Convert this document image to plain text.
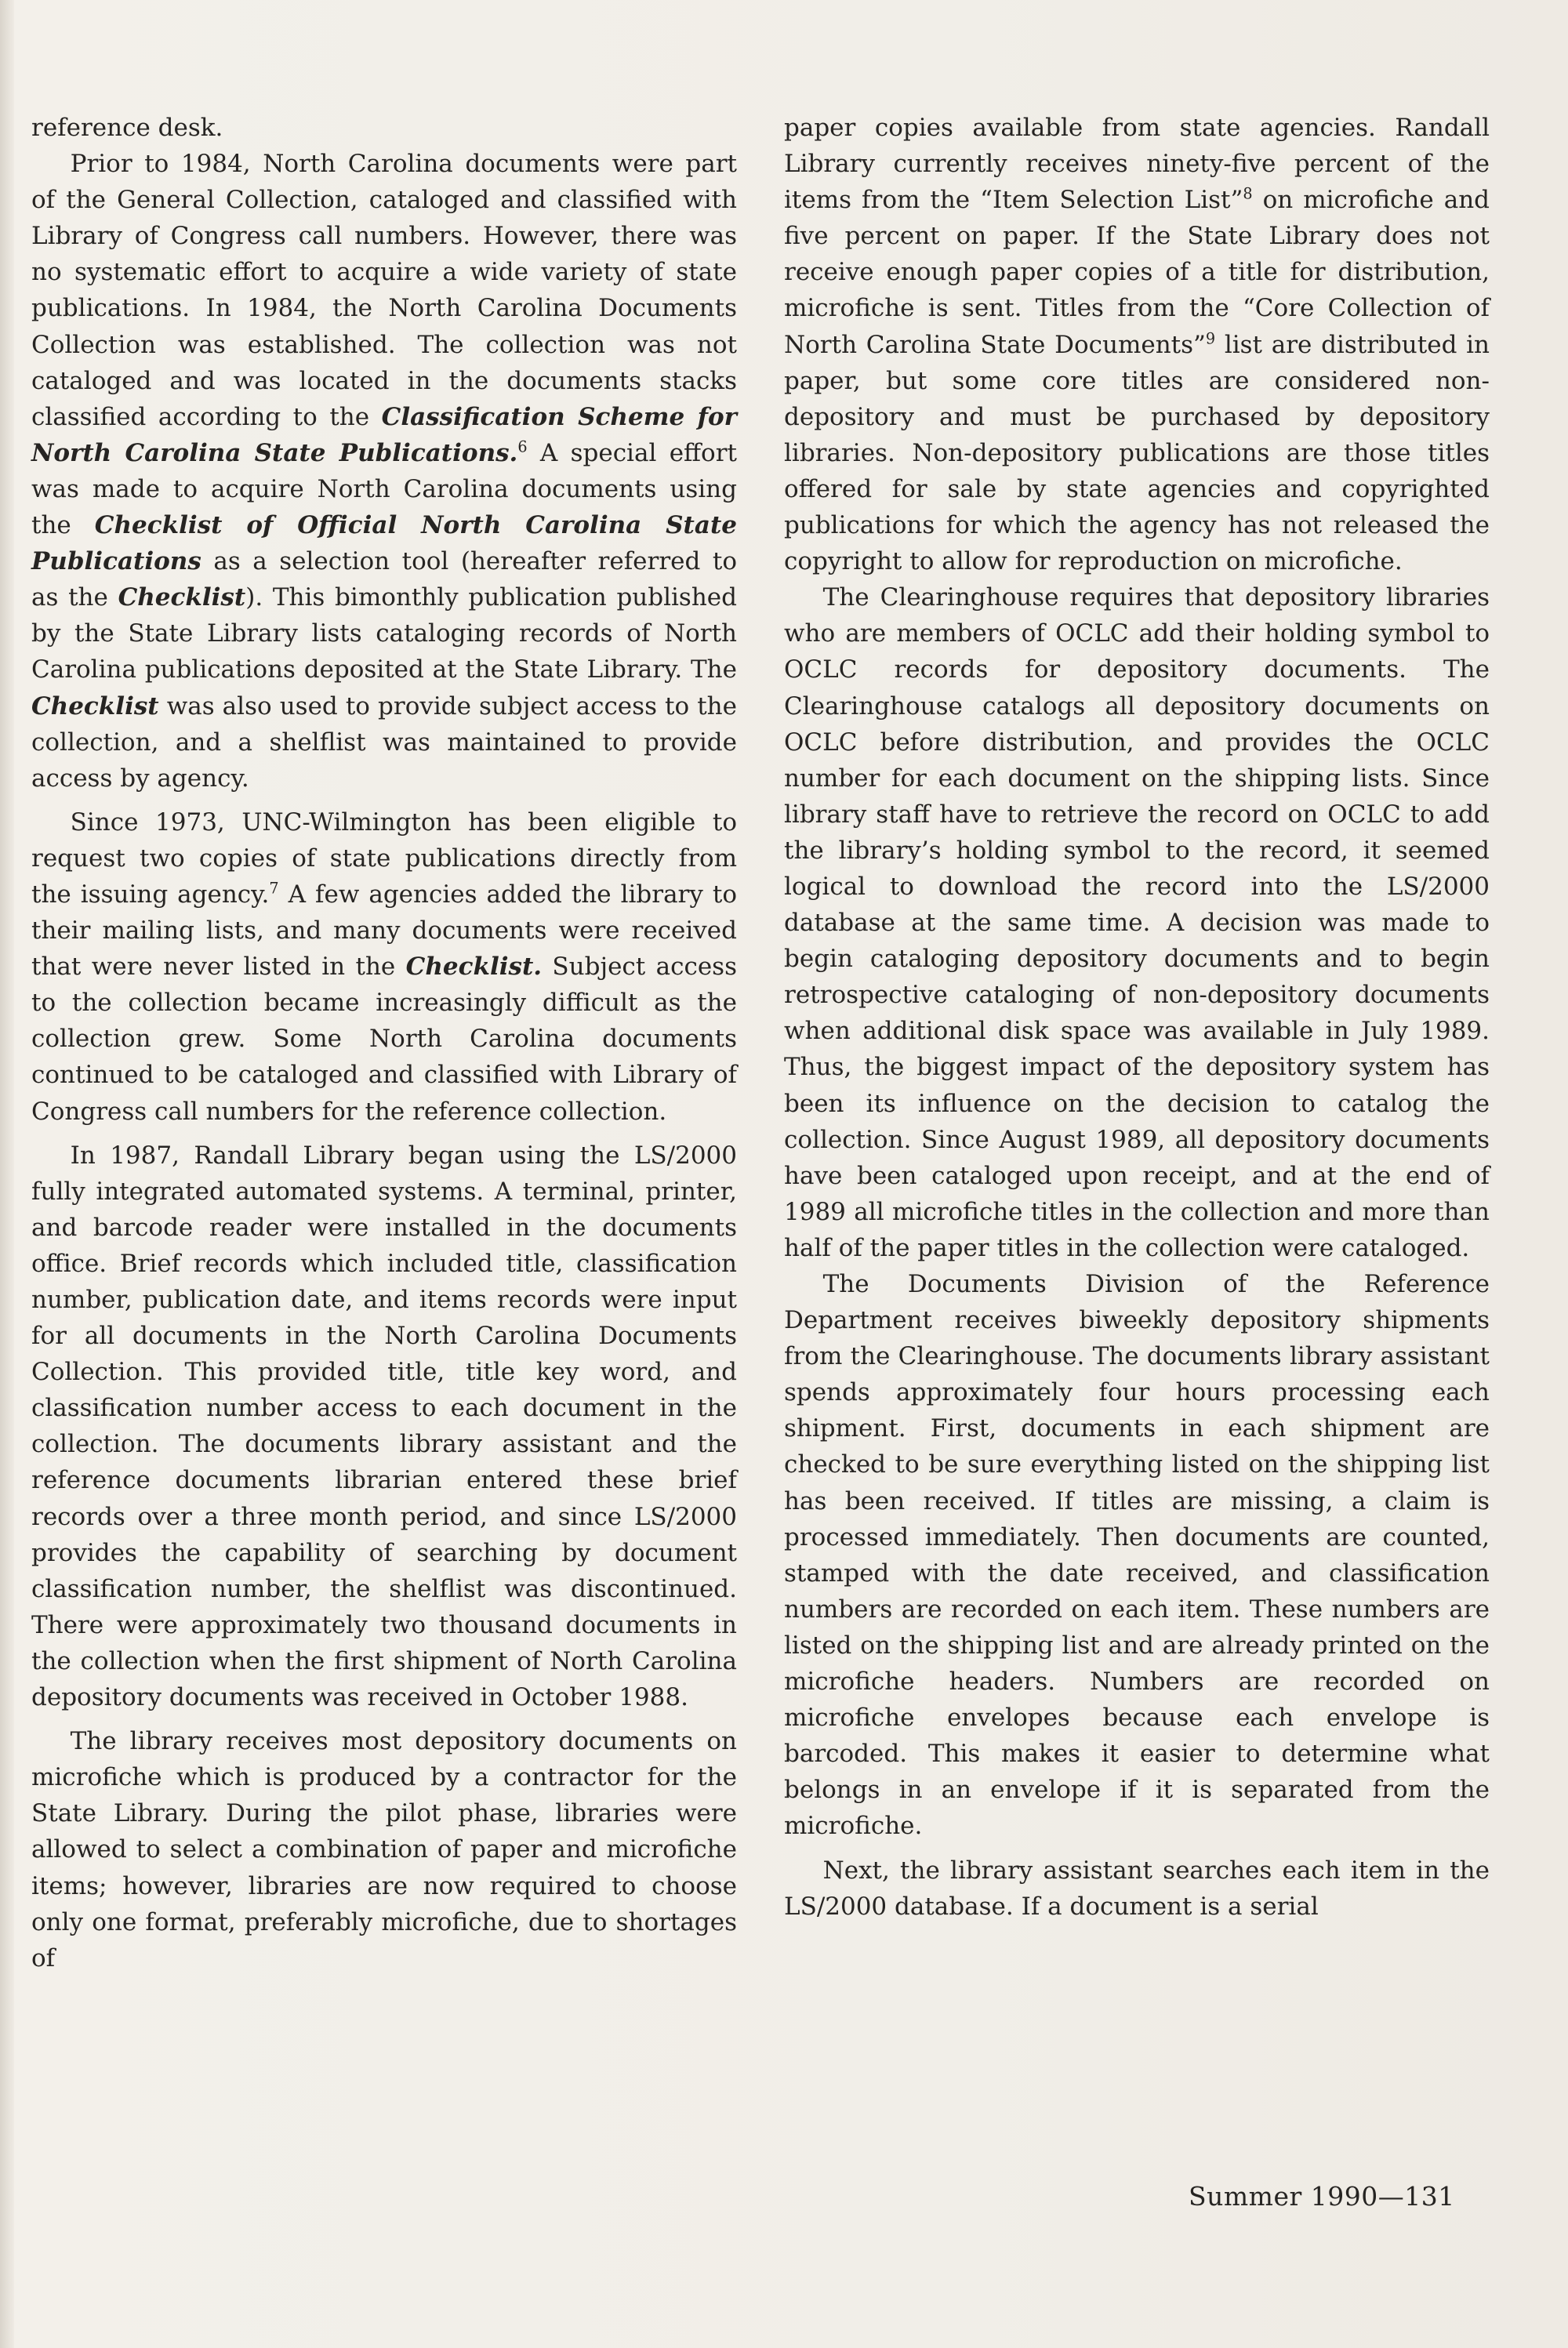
reference desk.

Prior to 1984, North Carolina documents were part of the General Collection, cataloged and classified with Library of Congress call numbers. However, there was no systematic effort to acquire a wide variety of state publications. In 1984, the North Carolina Documents Collection was established. The collection was not cataloged and was located in the documents stacks classified according to the Classification Scheme for North Carolina State Publications.$^6$ A special effort was made to acquire North Carolina documents using the Checklist of Official North Carolina State Publications as a selection tool (hereafter referred to as the Checklist). This bimonthly publication published by the State Library lists cataloging records of North Carolina publications deposited at the State Library. The Checklist was also used to provide subject access to the collection, and a shelflist was maintained to provide access by agency.

Since 1973, UNC-Wilmington has been eligible to request two copies of state publications directly from the issuing agency.$^7$ A few agencies added the library to their mailing lists, and many documents were received that were never listed in the Checklist. Subject access to the collection became increasingly difficult as the collection grew. Some North Carolina documents continued to be cataloged and classified with Library of Congress call numbers for the reference collection.

In 1987, Randall Library began using the LS/2000 fully integrated automated systems. A terminal, printer, and barcode reader were installed in the documents office. Brief records which included title, classification number, publication date, and items records were input for all documents in the North Carolina Documents Collection. This provided title, title key word, and classification number access to each document in the collection. The documents library assistant and the reference documents librarian entered these brief records over a three month period, and since LS/2000 provides the capability of searching by document classification number, the shelflist was discontinued. There were approximately two thousand documents in the collection when the first shipment of North Carolina depository documents was received in October 1988.

The library receives most depository documents on microfiche which is produced by a contractor for the State Library. During the pilot phase, libraries were allowed to select a combination of paper and microfiche items; however, libraries are now required to choose only one format, preferably microfiche, due to shortages of

paper copies available from state agencies. Randall Library currently receives ninety-five percent of the items from the “Item Selection List”$^8$ on microfiche and five percent on paper. If the State Library does not receive enough paper copies of a title for distribution, microfiche is sent. Titles from the “Core Collection of North Carolina State Documents”$^9$ list are distributed in paper, but some core titles are considered non-depository and must be purchased by depository libraries. Non-depository publications are those titles offered for sale by state agencies and copyrighted publications for which the agency has not released the copyright to allow for reproduction on microfiche.

The Clearinghouse requires that depository libraries who are members of OCLC add their holding symbol to OCLC records for depository documents. The Clearinghouse catalogs all depository documents on OCLC before distribution, and provides the OCLC number for each document on the shipping lists. Since library staff have to retrieve the record on OCLC to add the library’s holding symbol to the record, it seemed logical to download the record into the LS/2000 database at the same time. A decision was made to begin cataloging depository documents and to begin retrospective cataloging of non-depository documents when additional disk space was available in July 1989. Thus, the biggest impact of the depository system has been its influence on the decision to catalog the collection. Since August 1989, all depository documents have been cataloged upon receipt, and at the end of 1989 all microfiche titles in the collection and more than half of the paper titles in the collection were cataloged.

The Documents Division of the Reference Department receives biweekly depository shipments from the Clearinghouse. The documents library assistant spends approximately four hours processing each shipment. First, documents in each shipment are checked to be sure everything listed on the shipping list has been received. If titles are missing, a claim is processed immediately. Then documents are counted, stamped with the date received, and classification numbers are recorded on each item. These numbers are listed on the shipping list and are already printed on the microfiche headers. Numbers are recorded on microfiche envelopes because each envelope is barcoded. This makes it easier to determine what belongs in an envelope if it is separated from the microfiche.

Next, the library assistant searches each item in the LS/2000 database. If a document is a serial

Summer 1990—131
